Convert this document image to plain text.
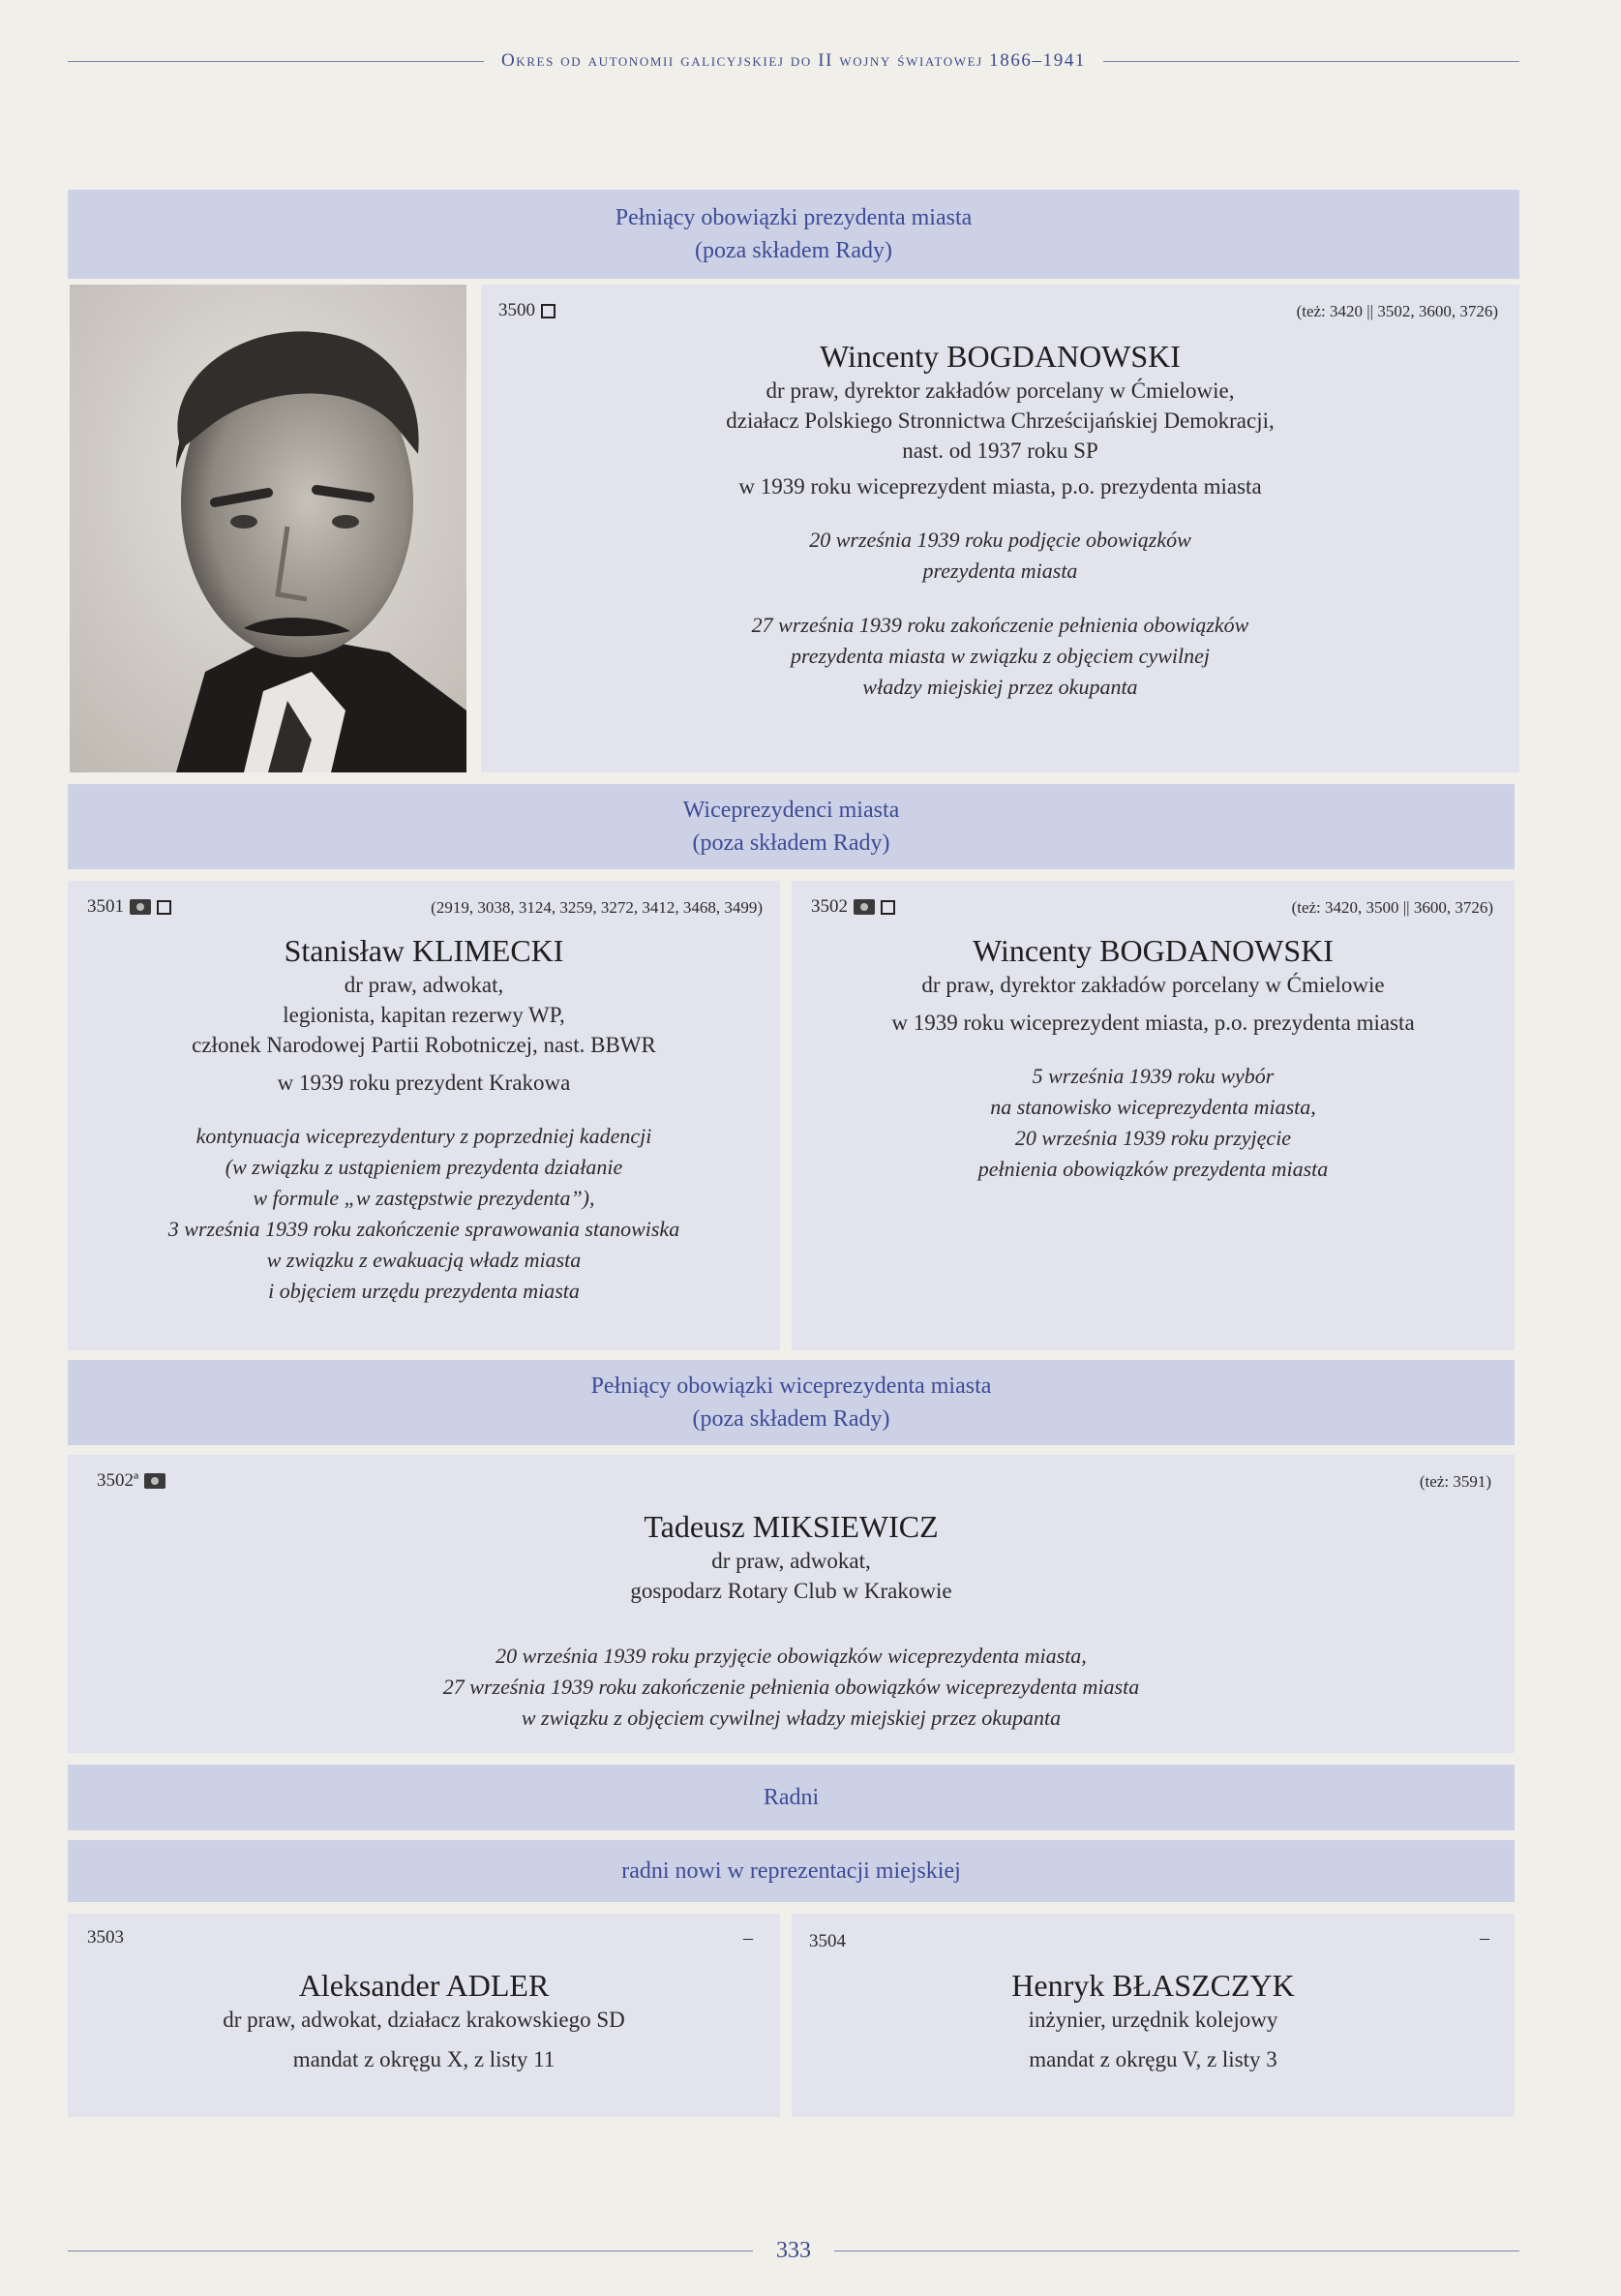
Okres od autonomii galicyjskiej do II wojny światowej 1866–1941
Pełniący obowiązki prezydenta miasta
(poza składem Rady)
3500	(też: 3420 || 3502, 3600, 3726)
Wincenty BOGDANOWSKI
dr praw, dyrektor zakładów porcelany w Ćmielowie,
działacz Polskiego Stronnictwa Chrześcijańskiej Demokracji,
nast. od 1937 roku SP
w 1939 roku wiceprezydent miasta, p.o. prezydenta miasta
20 września 1939 roku podjęcie obowiązków
prezydenta miasta
27 września 1939 roku zakończenie pełnienia obowiązków
prezydenta miasta w związku z objęciem cywilnej
władzy miejskiej przez okupanta
Wiceprezydenci miasta
(poza składem Rady)
3501	(2919, 3038, 3124, 3259, 3272, 3412, 3468, 3499)
Stanisław KLIMECKI
dr praw, adwokat,
legionista, kapitan rezerwy WP,
członek Narodowej Partii Robotniczej, nast. BBWR
w 1939 roku prezydent Krakowa
kontynuacja wiceprezydentury z poprzedniej kadencji
(w związku z ustąpieniem prezydenta działanie
w formule „w zastępstwie prezydenta”),
3 września 1939 roku zakończenie sprawowania stanowiska
w związku z ewakuacją władz miasta
i objęciem urzędu prezydenta miasta
3502	(też: 3420, 3500 || 3600, 3726)
Wincenty BOGDANOWSKI
dr praw, dyrektor zakładów porcelany w Ćmielowie
w 1939 roku wiceprezydent miasta, p.o. prezydenta miasta
5 września 1939 roku wybór
na stanowisko wiceprezydenta miasta,
20 września 1939 roku przyjęcie
pełnienia obowiązków prezydenta miasta
Pełniący obowiązki wiceprezydenta miasta
(poza składem Rady)
3502ª	(też: 3591)
Tadeusz MIKSIEWICZ
dr praw, adwokat,
gospodarz Rotary Club w Krakowie
20 września 1939 roku przyjęcie obowiązków wiceprezydenta miasta,
27 września 1939 roku zakończenie pełnienia obowiązków wiceprezydenta miasta
w związku z objęciem cywilnej władzy miejskiej przez okupanta
Radni
radni nowi w reprezentacji miejskiej
3503	–
Aleksander ADLER
dr praw, adwokat, działacz krakowskiego SD
mandat z okręgu X, z listy 11
3504	–
Henryk BŁASZCZYK
inżynier, urzędnik kolejowy
mandat z okręgu V, z listy 3
333
